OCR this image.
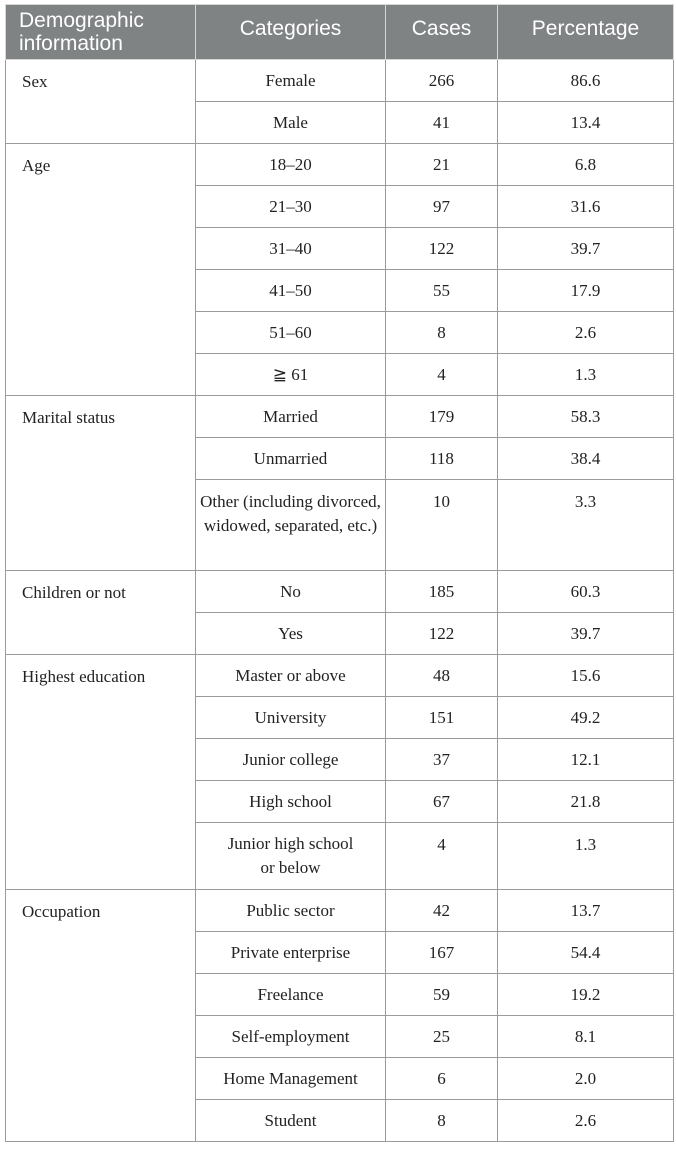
Demographic information	Categories	Cases	Percentage
Sex	Female	266	86.6
	Male	41	13.4
Age	18–20	21	6.8
	21–30	97	31.6
	31–40	122	39.7
	41–50	55	17.9
	51–60	8	2.6
	≧ 61	4	1.3
Marital status	Married	179	58.3
	Unmarried	118	38.4
	Other (including divorced, widowed, separated, etc.)	10	3.3
Children or not	No	185	60.3
	Yes	122	39.7
Highest education	Master or above	48	15.6
	University	151	49.2
	Junior college	37	12.1
	High school	67	21.8
	Junior high school or below	4	1.3
Occupation	Public sector	42	13.7
	Private enterprise	167	54.4
	Freelance	59	19.2
	Self-employment	25	8.1
	Home Management	6	2.0
	Student	8	2.6
